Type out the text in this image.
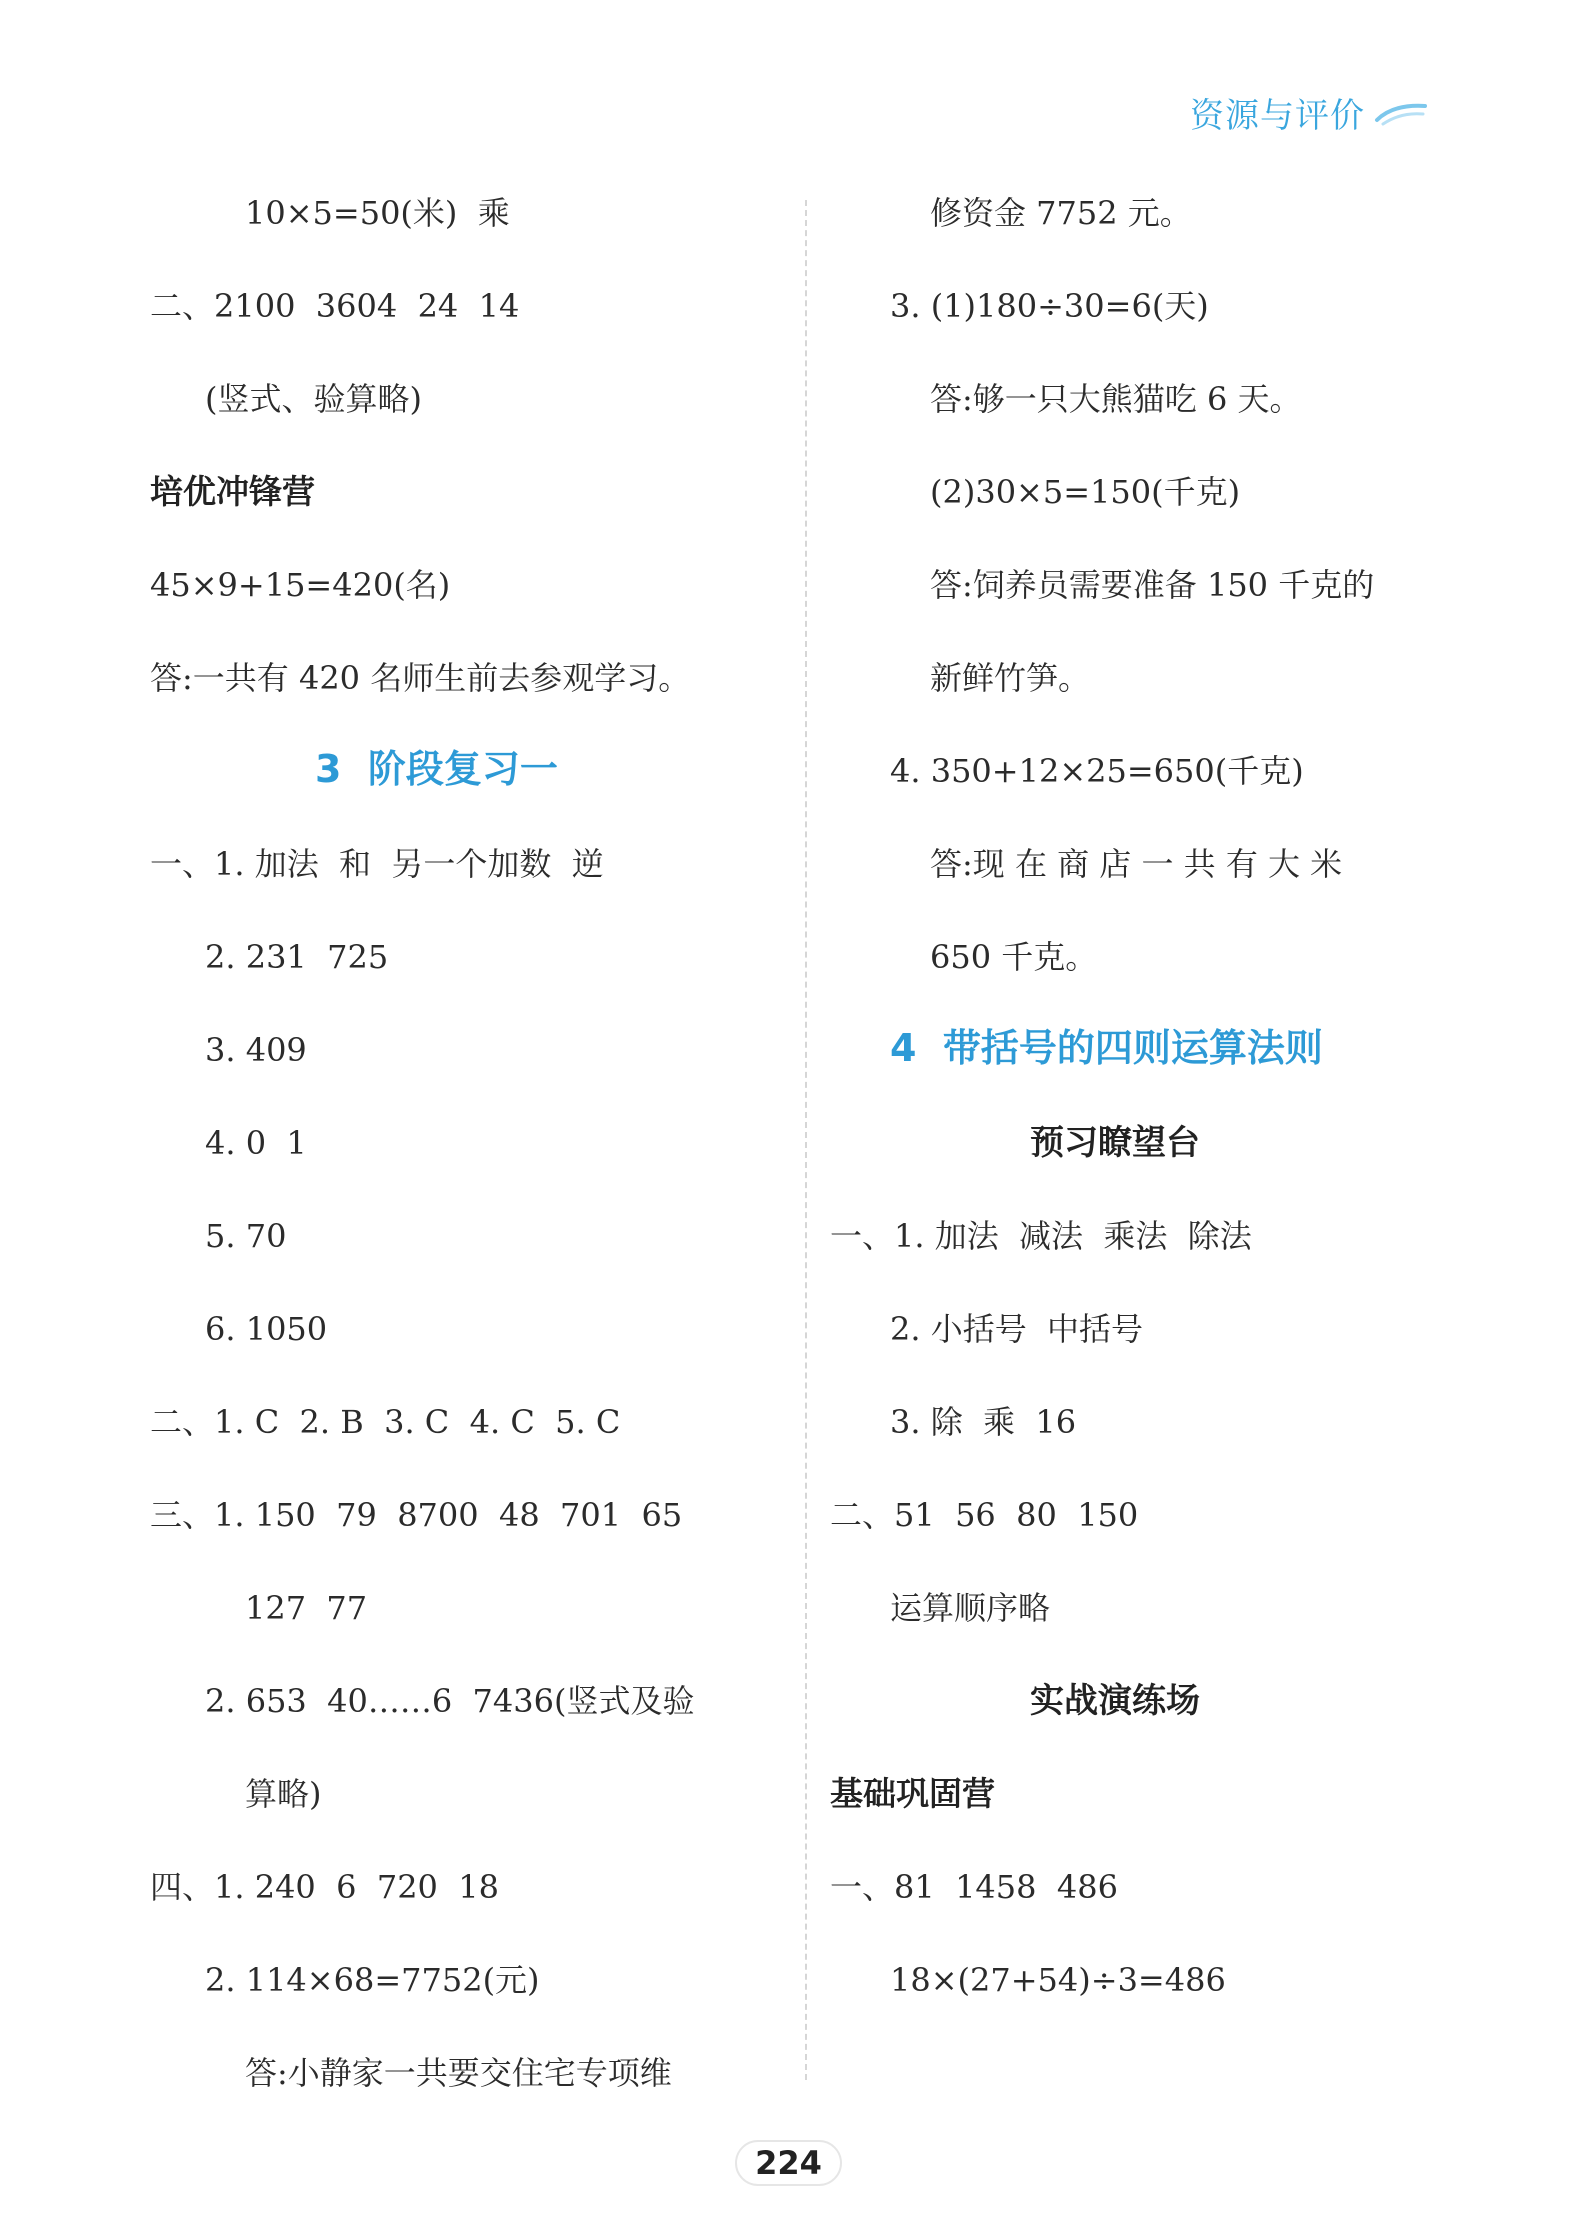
资源与评价
10×5=50(米)  乘
二、2100  3604  24  14
(竖式、验算略)
培优冲锋营
45×9+15=420(名)
答:一共有 420 名师生前去参观学习。
3  阶段复习一
一、1. 加法  和  另一个加数  逆
2. 231  725
3. 409
4. 0  1
5. 70
6. 1050
二、1. C  2. B  3. C  4. C  5. C
三、1. 150  79  8700  48  701  65
127  77
2. 653  40……6  7436(竖式及验
算略)
四、1. 240  6  720  18
2. 114×68=7752(元)
答:小静家一共要交住宅专项维
修资金 7752 元。
3. (1)180÷30=6(天)
答:够一只大熊猫吃 6 天。
(2)30×5=150(千克)
答:饲养员需要准备 150 千克的
新鲜竹笋。
4. 350+12×25=650(千克)
答:现 在 商 店 一 共 有 大 米
650 千克。
4  带括号的四则运算法则
预习瞭望台
一、1. 加法  减法  乘法  除法
2. 小括号  中括号
3. 除  乘  16
二、51  56  80  150
运算顺序略
实战演练场
基础巩固营
一、81  1458  486
18×(27+54)÷3=486
224
